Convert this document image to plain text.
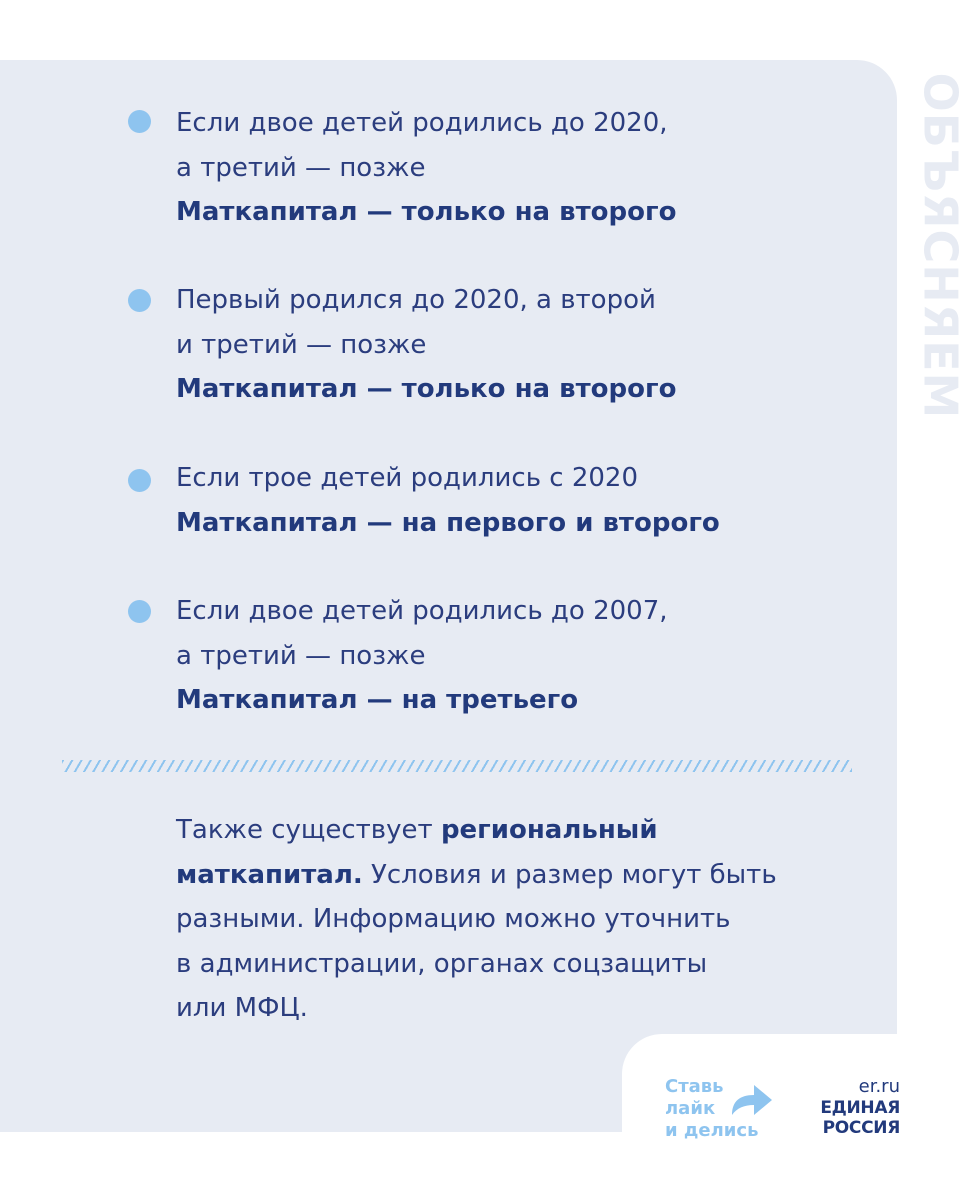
ОБЪЯСНЯЕМ
Если двое детей родились до 2020,
а третий — позже
Маткапитал — только на второго
Первый родился до 2020, а второй
и третий — позже
Маткапитал — только на второго
Если трое детей родились с 2020
Маткапитал — на первого и второго
Если двое детей родились до 2007,
а третий — позже
Маткапитал — на третьего
Также существует региональный
маткапитал. Условия и размер могут быть
разными. Информацию можно уточнить
в администрации, органах соцзащиты
или МФЦ.
Ставь
лайк
и делись
er.ru
ЕДИНАЯ
РОССИЯ
